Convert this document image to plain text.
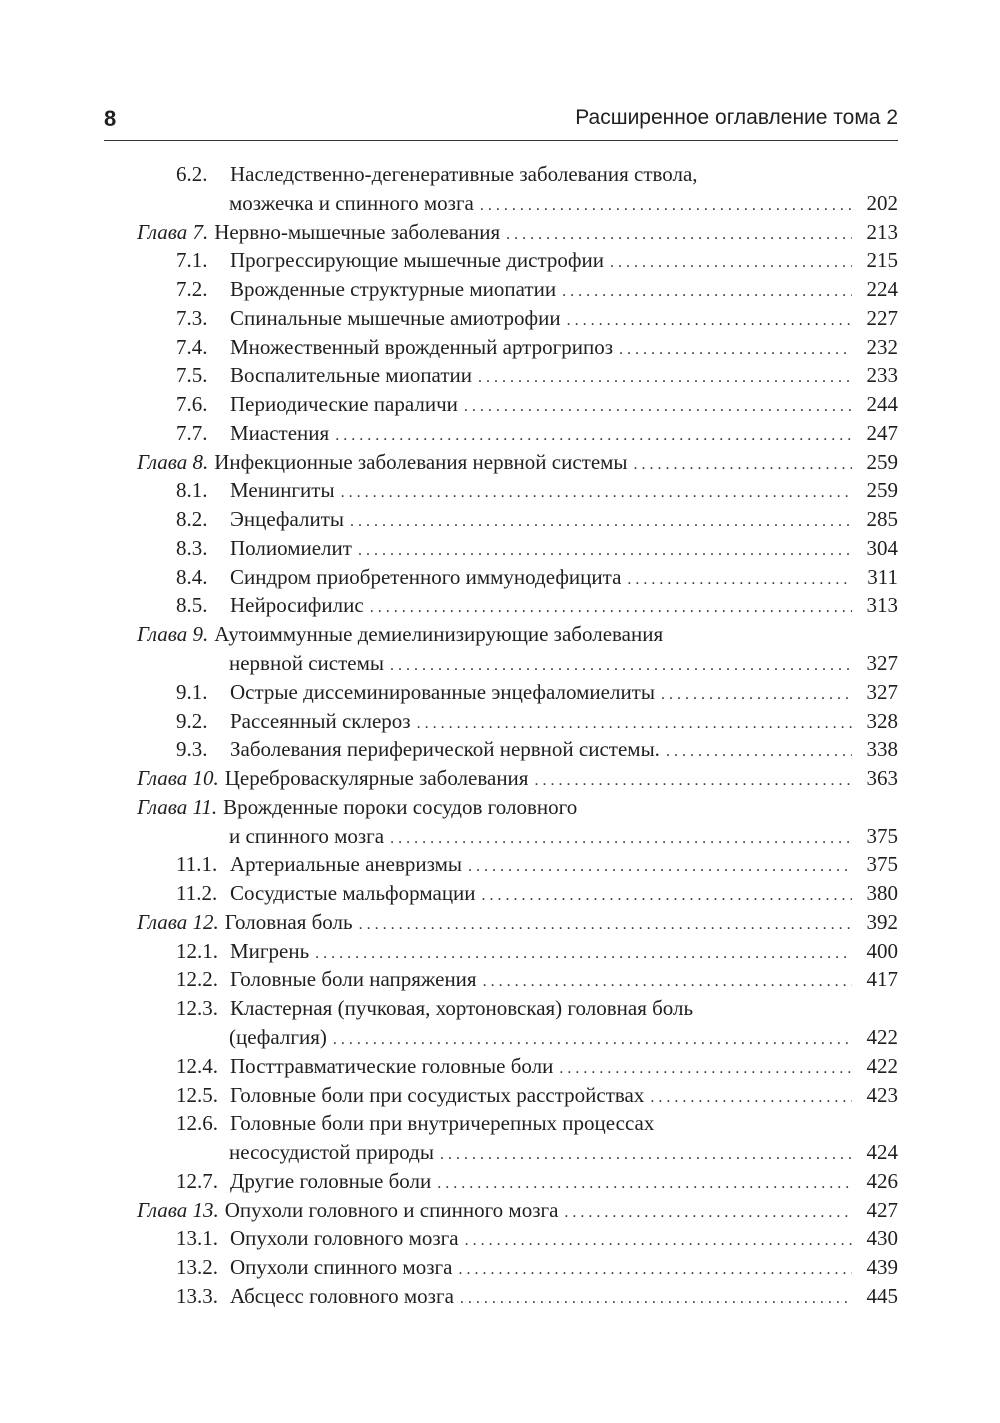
8	Расширенное оглавление тома 2
6.2.	Наследственно-дегенеративные заболевания ствола,
мозжечка и спинного мозга . . .	202
Глава 7. Нервно-мышечные заболевания . . .	213
7.1.	Прогрессирующие мышечные дистрофии . . .	215
7.2.	Врожденные структурные миопатии . . .	224
7.3.	Спинальные мышечные амиотрофии . . .	227
7.4.	Множественный врожденный артрогрипоз . . .	232
7.5.	Воспалительные миопатии . . .	233
7.6.	Периодические параличи . . .	244
7.7.	Миастения . . .	247
Глава 8. Инфекционные заболевания нервной системы . . .	259
8.1.	Менингиты . . .	259
8.2.	Энцефалиты . . .	285
8.3.	Полиомиелит . . .	304
8.4.	Синдром приобретенного иммунодефицита . . .	311
8.5.	Нейросифилис . . .	313
Глава 9. Аутоиммунные демиелинизирующие заболевания
нервной системы . . .	327
9.1.	Острые диссеминированные энцефаломиелиты . . .	327
9.2.	Рассеянный склероз . . .	328
9.3.	Заболевания периферической нервной системы. . . .	338
Глава 10. Цереброваскулярные заболевания . . .	363
Глава 11. Врожденные пороки сосудов головного
и спинного мозга . . .	375
11.1. Артериальные аневризмы . . .	375
11.2. Сосудистые мальформации . . .	380
Глава 12. Головная боль . . .	392
12.1. Мигрень . . .	400
12.2. Головные боли напряжения . . .	417
12.3. Кластерная (пучковая, хортоновская) головная боль
(цефалгия) . . .	422
12.4. Посттравматические головные боли . . .	422
12.5. Головные боли при сосудистых расстройствах . . .	423
12.6. Головные боли при внутричерепных процессах
несосудистой природы . . .	424
12.7. Другие головные боли . . .	426
Глава 13. Опухоли головного и спинного мозга . . .	427
13.1. Опухоли головного мозга . . .	430
13.2. Опухоли спинного мозга . . .	439
13.3. Абсцесс головного мозга . . .	445
